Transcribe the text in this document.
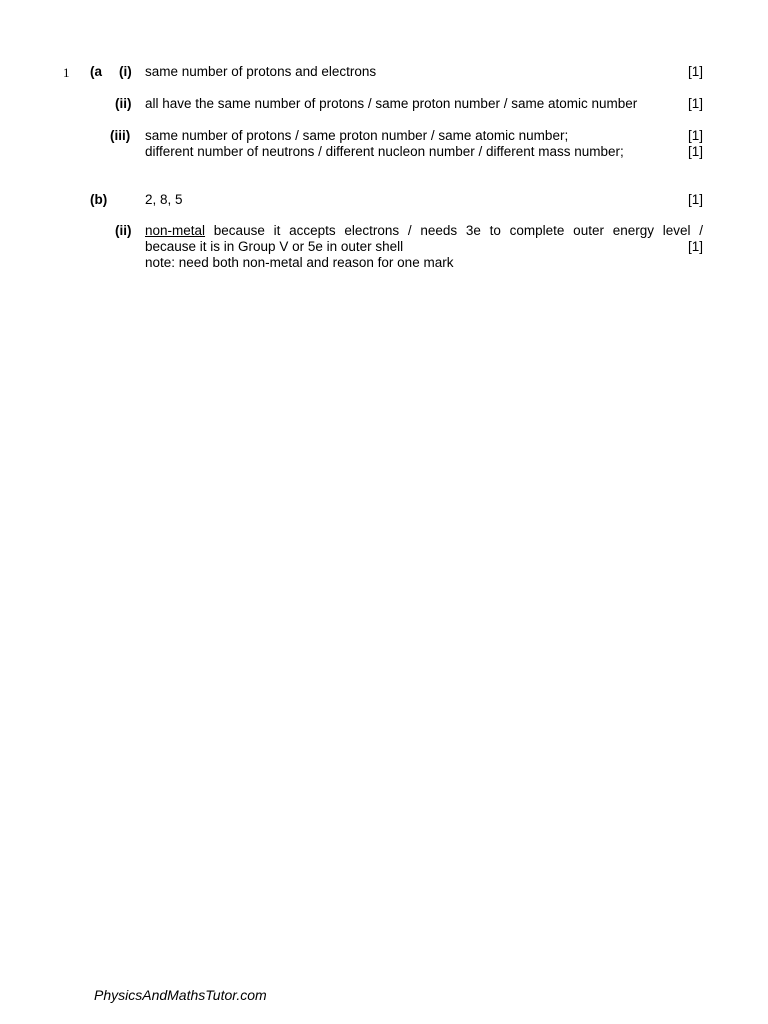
1 (a (i) same number of protons and electrons	[1]
(ii) all have the same number of protons / same proton number / same atomic number	[1]
(iii) same number of protons / same proton number / same atomic number;	[1]
different number of neutrons / different nucleon number / different mass number;	[1]
(b)	2, 8, 5	[1]
(ii) non-metal because it accepts electrons / needs 3e to complete outer energy level /
because it is in Group V or 5e in outer shell	[1]
note: need both non-metal and reason for one mark
PhysicsAndMathsTutor.com
